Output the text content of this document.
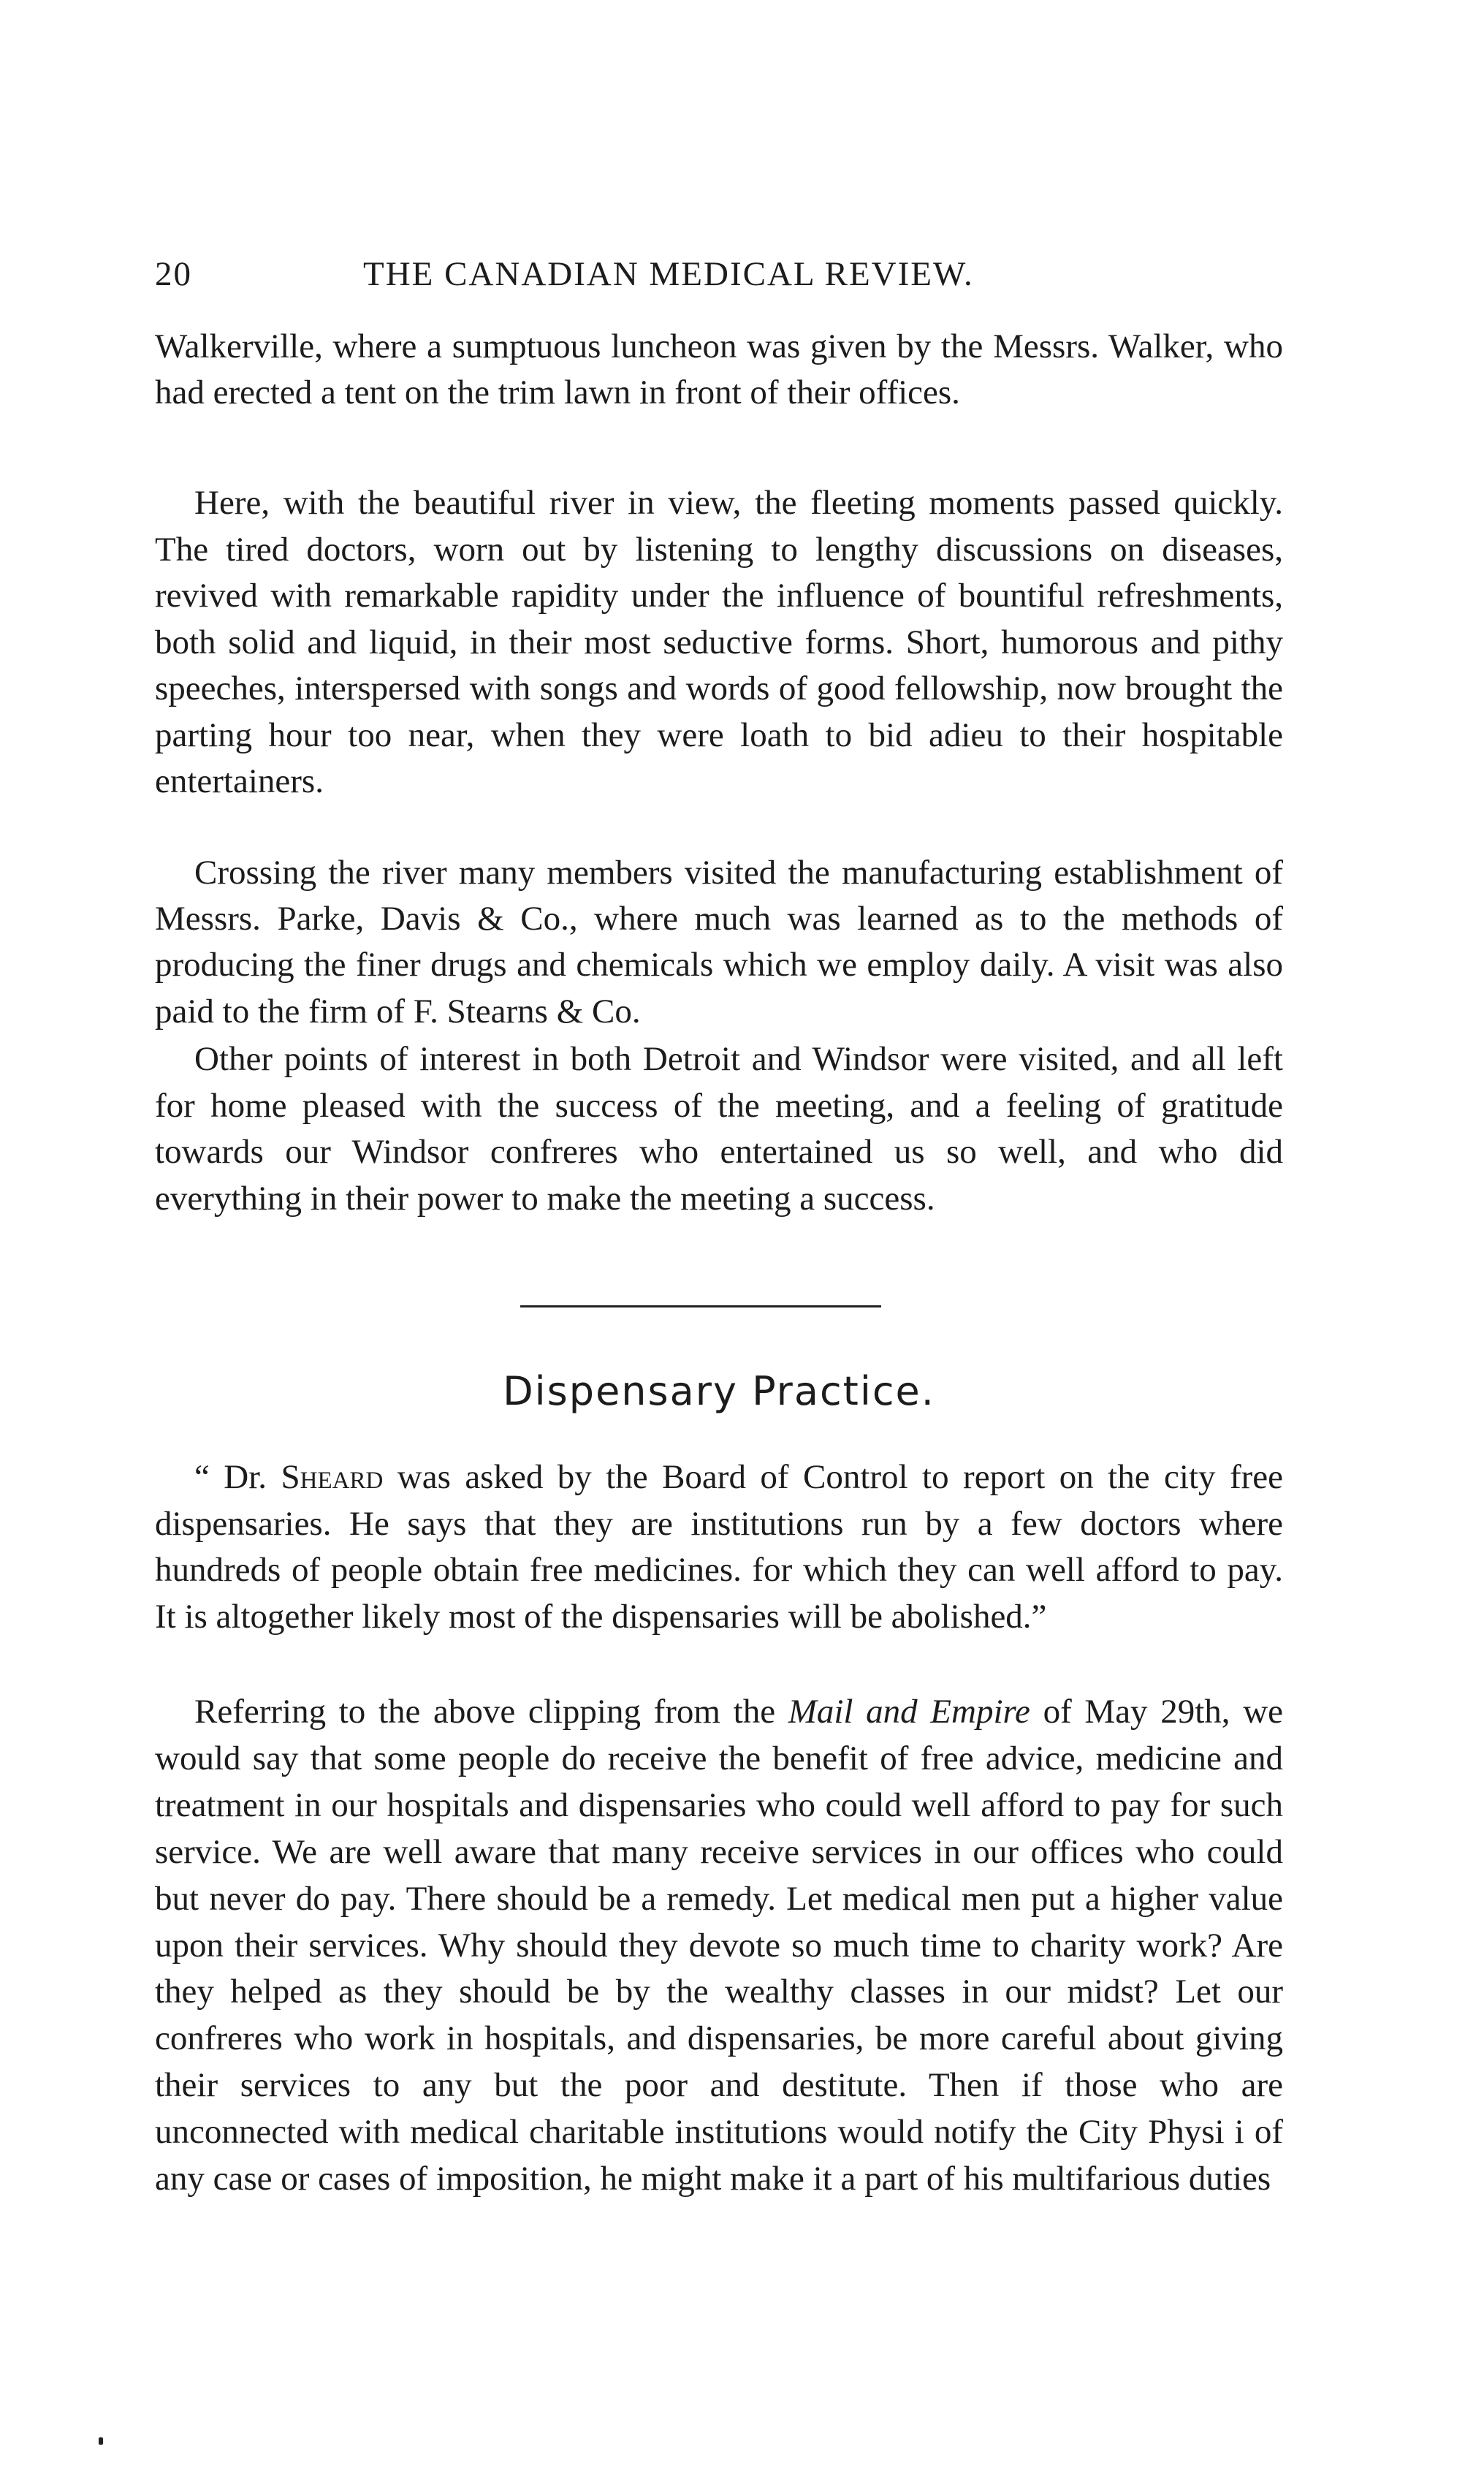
20	THE CANADIAN MEDICAL REVIEW.

Walkerville, where a sumptuous luncheon was given by the Messrs. Walker, who had erected a tent on the trim lawn in front of their offices.

Here, with the beautiful river in view, the fleeting moments passed quickly. The tired doctors, worn out by listening to lengthy discussions on diseases, revived with remarkable rapidity under the influence of bountiful refreshments, both solid and liquid, in their most seductive forms. Short, humorous and pithy speeches, interspersed with songs and words of good fellowship, now brought the parting hour too near, when they were loath to bid adieu to their hospitable entertainers.

Crossing the river many members visited the manufacturing establishment of Messrs. Parke, Davis & Co., where much was learned as to the methods of producing the finer drugs and chemicals which we employ daily. A visit was also paid to the firm of F. Stearns & Co.

Other points of interest in both Detroit and Windsor were visited, and all left for home pleased with the success of the meeting, and a feeling of gratitude towards our Windsor confreres who entertained us so well, and who did everything in their power to make the meeting a success.

Dispensary Practice.

“ Dr. Sheard was asked by the Board of Control to report on the city free dispensaries. He says that they are institutions run by a few doctors where hundreds of people obtain free medicines. for which they can well afford to pay. It is altogether likely most of the dispensaries will be abolished.”

Referring to the above clipping from the Mail and Empire of May 29th, we would say that some people do receive the benefit of free advice, medicine and treatment in our hospitals and dispensaries who could well afford to pay for such service. We are well aware that many receive services in our offices who could but never do pay. There should be a remedy. Let medical men put a higher value upon their services. Why should they devote so much time to charity work? Are they helped as they should be by the wealthy classes in our midst? Let our confreres who work in hospitals, and dispensaries, be more careful about giving their services to any but the poor and destitute. Then if those who are unconnected with medical charitable institutions would notify the City Physi i of any case or cases of imposition, he might make it a part of his multifarious duties
